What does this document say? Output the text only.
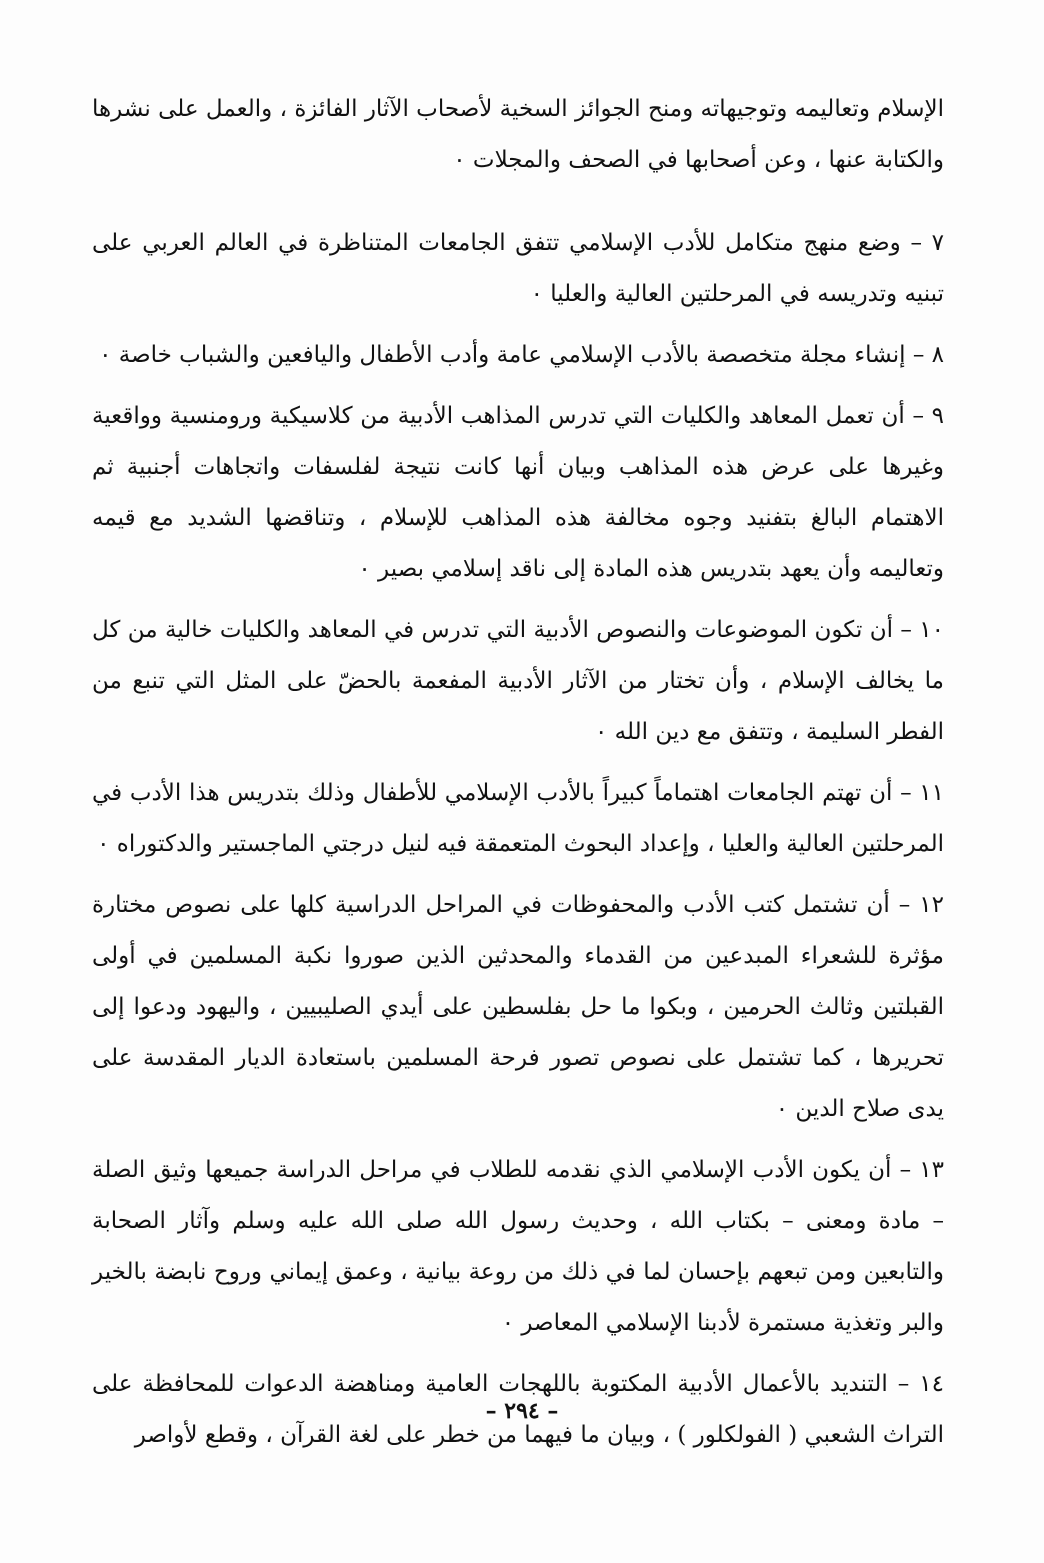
الإسلام وتعاليمه وتوجيهاته ومنح الجوائز السخية لأصحاب الآثار الفائزة ، والعمل على نشرها والكتابة عنها ، وعن أصحابها في الصحف والمجلات ٠

٧ – وضع منهج متكامل للأدب الإسلامي تتفق الجامعات المتناظرة في العالم العربي على تبنيه وتدريسه في المرحلتين العالية والعليا ٠

٨ – إنشاء مجلة متخصصة بالأدب الإسلامي عامة وأدب الأطفال واليافعين والشباب خاصة ٠

٩ – أن تعمل المعاهد والكليات التي تدرس المذاهب الأدبية من كلاسيكية ورومنسية وواقعية وغيرها على عرض هذه المذاهب وبيان أنها كانت نتيجة لفلسفات واتجاهات أجنبية ثم الاهتمام البالغ بتفنيد وجوه مخالفة هذه المذاهب للإسلام ، وتناقضها الشديد مع قيمه وتعاليمه وأن يعهد بتدريس هذه المادة إلى ناقد إسلامي بصير ٠

١٠ – أن تكون الموضوعات والنصوص الأدبية التي تدرس في المعاهد والكليات خالية من كل ما يخالف الإسلام ، وأن تختار من الآثار الأدبية المفعمة بالحضّ على المثل التي تنبع من الفطر السليمة ، وتتفق مع دين الله ٠

١١ – أن تهتم الجامعات اهتماماً كبيراً بالأدب الإسلامي للأطفال وذلك بتدريس هذا الأدب في المرحلتين العالية والعليا ، وإعداد البحوث المتعمقة فيه لنيل درجتي الماجستير والدكتوراه ٠

١٢ – أن تشتمل كتب الأدب والمحفوظات في المراحل الدراسية كلها على نصوص مختارة مؤثرة للشعراء المبدعين من القدماء والمحدثين الذين صوروا نكبة المسلمين في أولى القبلتين وثالث الحرمين ، وبكوا ما حل بفلسطين على أيدي الصليبيين ، واليهود ودعوا إلى تحريرها ، كما تشتمل على نصوص تصور فرحة المسلمين باستعادة الديار المقدسة على يدى صلاح الدين ٠

١٣ – أن يكون الأدب الإسلامي الذي نقدمه للطلاب في مراحل الدراسة جميعها وثيق الصلة – مادة ومعنى – بكتاب الله ، وحديث رسول الله صلى الله عليه وسلم وآثار الصحابة والتابعين ومن تبعهم بإحسان لما في ذلك من روعة بيانية ، وعمق إيماني وروح نابضة بالخير والبر وتغذية مستمرة لأدبنا الإسلامي المعاصر ٠

١٤ – التنديد بالأعمال الأدبية المكتوبة باللهجات العامية ومناهضة الدعوات للمحافظة على التراث الشعبي ( الفولكلور ) ، وبيان ما فيهما من خطر على لغة القرآن ، وقطع لأواصر

– ٢٩٤ –
